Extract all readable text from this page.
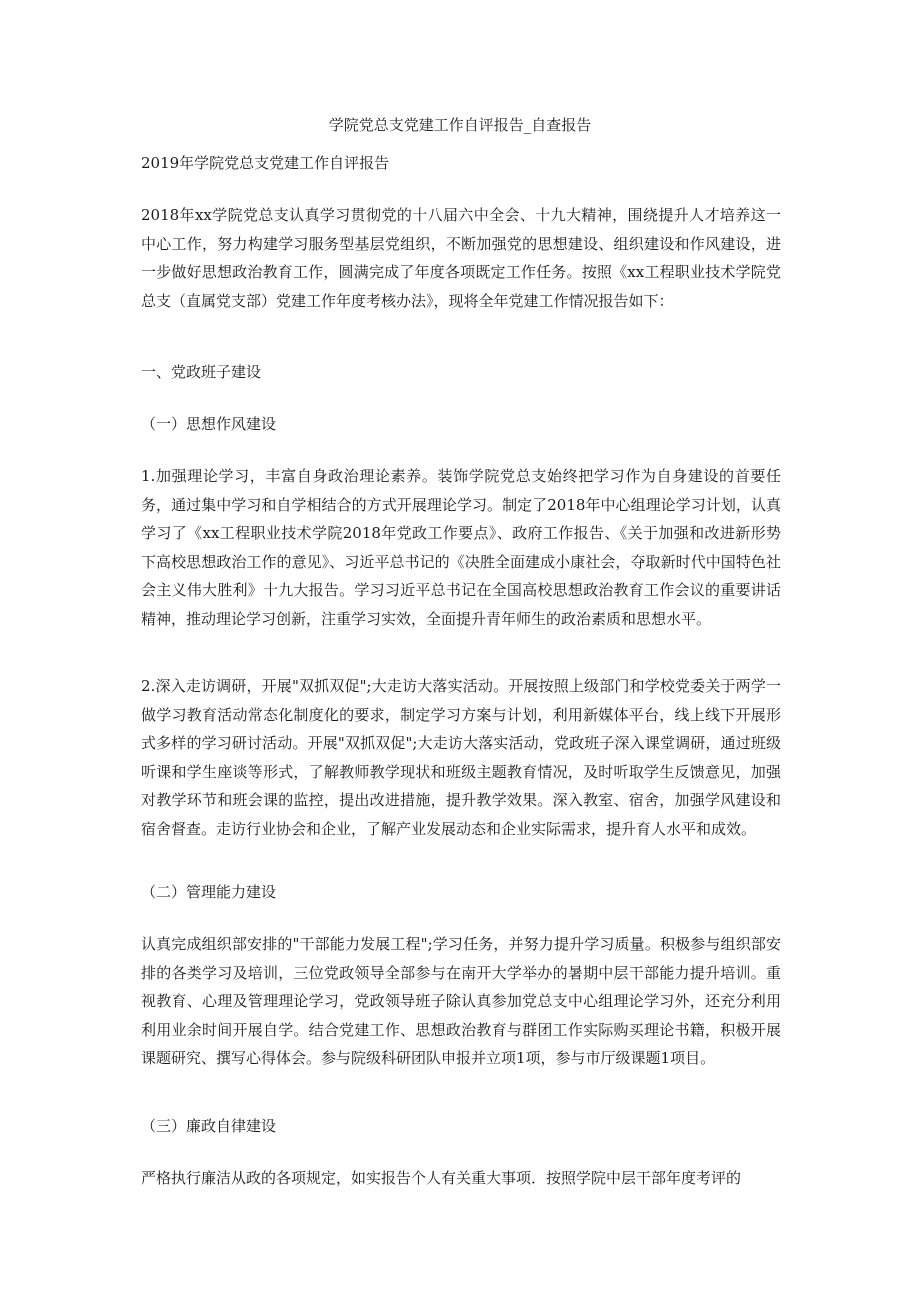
学院党总支党建工作自评报告_自查报告
2019年学院党总支党建工作自评报告
2018年xx学院党总支认真学习贯彻党的十八届六中全会、十九大精神，围绕提升人才培养这一中心工作，努力构建学习服务型基层党组织，不断加强党的思想建设、组织建设和作风建设，进一步做好思想政治教育工作，圆满完成了年度各项既定工作任务。按照《xx工程职业技术学院党总支（直属党支部）党建工作年度考核办法》，现将全年党建工作情况报告如下：
一、党政班子建设
（一）思想作风建设
1.加强理论学习，丰富自身政治理论素养。装饰学院党总支始终把学习作为自身建设的首要任务，通过集中学习和自学相结合的方式开展理论学习。制定了2018年中心组理论学习计划，认真学习了《xx工程职业技术学院2018年党政工作要点》、政府工作报告、《关于加强和改进新形势下高校思想政治工作的意见》、习近平总书记的《决胜全面建成小康社会，夺取新时代中国特色社会主义伟大胜利》十九大报告。学习习近平总书记在全国高校思想政治教育工作会议的重要讲话精神，推动理论学习创新，注重学习实效，全面提升青年师生的政治素质和思想水平。
2.深入走访调研，开展"双抓双促";大走访大落实活动。开展按照上级部门和学校党委关于两学一做学习教育活动常态化制度化的要求，制定学习方案与计划，利用新媒体平台，线上线下开展形式多样的学习研讨活动。开展"双抓双促";大走访大落实活动，党政班子深入课堂调研，通过班级听课和学生座谈等形式，了解教师教学现状和班级主题教育情况，及时听取学生反馈意见，加强对教学环节和班会课的监控，提出改进措施，提升教学效果。深入教室、宿舍，加强学风建设和宿舍督查。走访行业协会和企业，了解产业发展动态和企业实际需求，提升育人水平和成效。
（二）管理能力建设
认真完成组织部安排的"干部能力发展工程";学习任务，并努力提升学习质量。积极参与组织部安排的各类学习及培训，三位党政领导全部参与在南开大学举办的暑期中层干部能力提升培训。重视教育、心理及管理理论学习，党政领导班子除认真参加党总支中心组理论学习外，还充分利用利用业余时间开展自学。结合党建工作、思想政治教育与群团工作实际购买理论书籍，积极开展课题研究、撰写心得体会。参与院级科研团队申报并立项1项，参与市厅级课题1项目。
（三）廉政自律建设
严格执行廉洁从政的各项规定，如实报告个人有关重大事项．按照学院中层干部年度考评的
